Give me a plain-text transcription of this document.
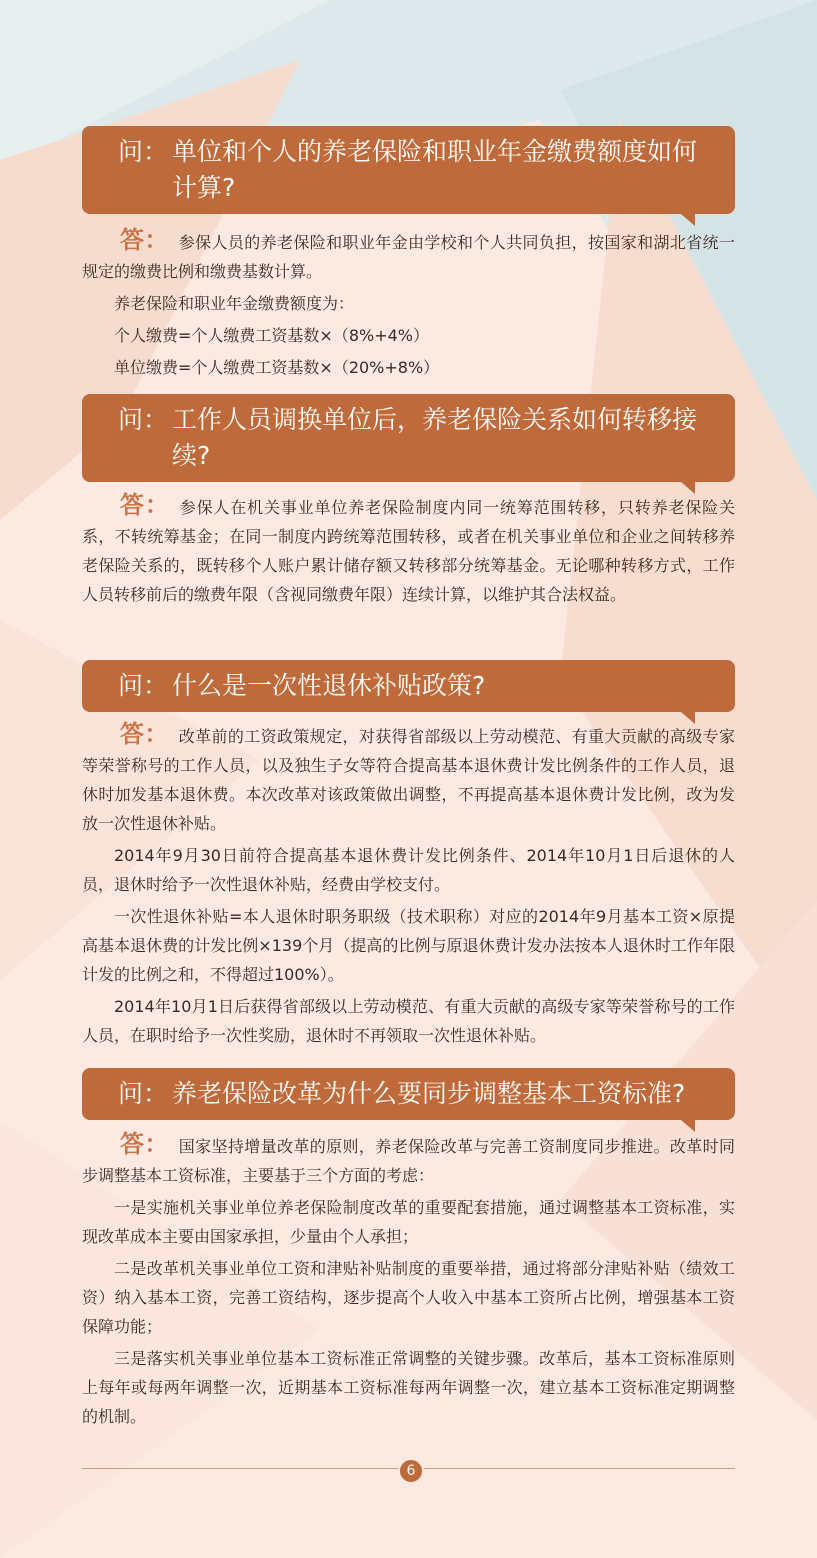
问： 单位和个人的养老保险和职业年金缴费额度如何计算?

答： 参保人员的养老保险和职业年金由学校和个人共同负担，按国家和湖北省统一规定的缴费比例和缴费基数计算。

养老保险和职业年金缴费额度为：

个人缴费=个人缴费工资基数×（8%+4%）

单位缴费=个人缴费工资基数×（20%+8%）

问： 工作人员调换单位后，养老保险关系如何转移接续?

答： 参保人在机关事业单位养老保险制度内同一统筹范围转移，只转养老保险关系，不转统筹基金；在同一制度内跨统筹范围转移，或者在机关事业单位和企业之间转移养老保险关系的，既转移个人账户累计储存额又转移部分统筹基金。无论哪种转移方式，工作人员转移前后的缴费年限（含视同缴费年限）连续计算，以维护其合法权益。

问： 什么是一次性退休补贴政策?

答： 改革前的工资政策规定，对获得省部级以上劳动模范、有重大贡献的高级专家等荣誉称号的工作人员，以及独生子女等符合提高基本退休费计发比例条件的工作人员，退休时加发基本退休费。本次改革对该政策做出调整，不再提高基本退休费计发比例，改为发放一次性退休补贴。

2014年9月30日前符合提高基本退休费计发比例条件、2014年10月1日后退休的人员，退休时给予一次性退休补贴，经费由学校支付。

一次性退休补贴=本人退休时职务职级（技术职称）对应的2014年9月基本工资×原提高基本退休费的计发比例×139个月（提高的比例与原退休费计发办法按本人退休时工作年限计发的比例之和，不得超过100%）。

2014年10月1日后获得省部级以上劳动模范、有重大贡献的高级专家等荣誉称号的工作人员，在职时给予一次性奖励，退休时不再领取一次性退休补贴。

问： 养老保险改革为什么要同步调整基本工资标准?

答： 国家坚持增量改革的原则，养老保险改革与完善工资制度同步推进。改革时同步调整基本工资标准，主要基于三个方面的考虑：

一是实施机关事业单位养老保险制度改革的重要配套措施，通过调整基本工资标准，实现改革成本主要由国家承担，少量由个人承担；

二是改革机关事业单位工资和津贴补贴制度的重要举措，通过将部分津贴补贴（绩效工资）纳入基本工资，完善工资结构，逐步提高个人收入中基本工资所占比例，增强基本工资保障功能；

三是落实机关事业单位基本工资标准正常调整的关键步骤。改革后，基本工资标准原则上每年或每两年调整一次，近期基本工资标准每两年调整一次，建立基本工资标准定期调整的机制。

6
